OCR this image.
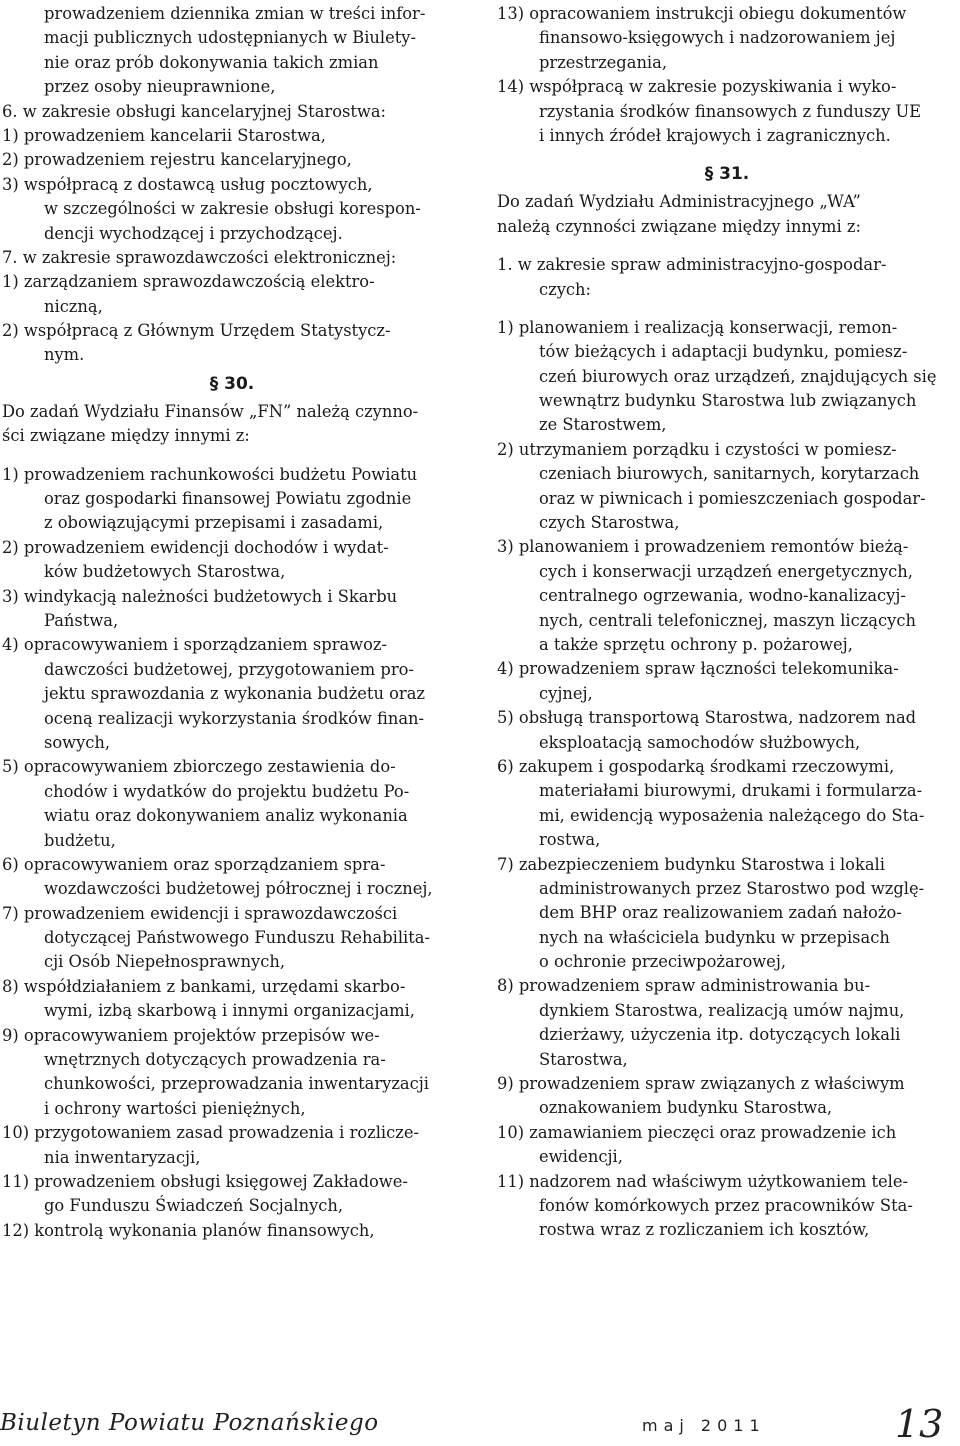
prowadzeniem dziennika zmian w treści infor-
macji publicznych udostępnianych w Biulety-
nie oraz prób dokonywania takich zmian
przez osoby nieuprawnione,
6. w zakresie obsługi kancelaryjnej Starostwa:
1) prowadzeniem kancelarii Starostwa,
2) prowadzeniem rejestru kancelaryjnego,
3) współpracą z dostawcą usług pocztowych,
w szczególności w zakresie obsługi korespon-
dencji wychodzącej i przychodzącej.
7. w zakresie sprawozdawczości elektronicznej:
1) zarządzaniem sprawozdawczością elektro-
niczną,
2) współpracą z Głównym Urzędem Statystycz-
nym.
§ 30.
Do zadań Wydziału Finansów „FN” należą czynno-
ści związane między innymi z:
1) prowadzeniem rachunkowości budżetu Powiatu
oraz gospodarki finansowej Powiatu zgodnie
z obowiązującymi przepisami i zasadami,
2) prowadzeniem ewidencji dochodów i wydat-
ków budżetowych Starostwa,
3) windykacją należności budżetowych i Skarbu
Państwa,
4) opracowywaniem i sporządzaniem sprawoz-
dawczości budżetowej, przygotowaniem pro-
jektu sprawozdania z wykonania budżetu oraz
oceną realizacji wykorzystania środków finan-
sowych,
5) opracowywaniem zbiorczego zestawienia do-
chodów i wydatków do projektu budżetu Po-
wiatu oraz dokonywaniem analiz wykonania
budżetu,
6) opracowywaniem oraz sporządzaniem spra-
wozdawczości budżetowej półrocznej i rocznej,
7) prowadzeniem ewidencji i sprawozdawczości
dotyczącej Państwowego Funduszu Rehabilita-
cji Osób Niepełnosprawnych,
8) współdziałaniem z bankami, urzędami skarbo-
wymi, izbą skarbową i innymi organizacjami,
9) opracowywaniem projektów przepisów we-
wnętrznych dotyczących prowadzenia ra-
chunkowości, przeprowadzania inwentaryzacji
i ochrony wartości pieniężnych,
10) przygotowaniem zasad prowadzenia i rozlicze-
nia inwentaryzacji,
11) prowadzeniem obsługi księgowej Zakładowe-
go Funduszu Świadczeń Socjalnych,
12) kontrolą wykonania planów finansowych,
13) opracowaniem instrukcji obiegu dokumentów
finansowo-księgowych i nadzorowaniem jej
przestrzegania,
14) współpracą w zakresie pozyskiwania i wyko-
rzystania środków finansowych z funduszy UE
i innych źródeł krajowych i zagranicznych.
§ 31.
Do zadań Wydziału Administracyjnego „WA”
należą czynności związane między innymi z:
1. w zakresie spraw administracyjno-gospodar-
czych:
1) planowaniem i realizacją konserwacji, remon-
tów bieżących i adaptacji budynku, pomiesz-
czeń biurowych oraz urządzeń, znajdujących się
wewnątrz budynku Starostwa lub związanych
ze Starostwem,
2) utrzymaniem porządku i czystości w pomiesz-
czeniach biurowych, sanitarnych, korytarzach
oraz w piwnicach i pomieszczeniach gospodar-
czych Starostwa,
3) planowaniem i prowadzeniem remontów bieżą-
cych i konserwacji urządzeń energetycznych,
centralnego ogrzewania, wodno-kanalizacyj-
nych, centrali telefonicznej, maszyn liczących
a także sprzętu ochrony p. pożarowej,
4) prowadzeniem spraw łączności telekomunika-
cyjnej,
5) obsługą transportową Starostwa, nadzorem nad
eksploatacją samochodów służbowych,
6) zakupem i gospodarką środkami rzeczowymi,
materiałami biurowymi, drukami i formularza-
mi, ewidencją wyposażenia należącego do Sta-
rostwa,
7) zabezpieczeniem budynku Starostwa i lokali
administrowanych przez Starostwo pod wzglę-
dem BHP oraz realizowaniem zadań nałożo-
nych na właściciela budynku w przepisach
o ochronie przeciwpożarowej,
8) prowadzeniem spraw administrowania bu-
dynkiem Starostwa, realizacją umów najmu,
dzierżawy, użyczenia itp. dotyczących lokali
Starostwa,
9) prowadzeniem spraw związanych z właściwym
oznakowaniem budynku Starostwa,
10) zamawianiem pieczęci oraz prowadzenie ich
ewidencji,
11) nadzorem nad właściwym użytkowaniem tele-
fonów komórkowych przez pracowników Sta-
rostwa wraz z rozliczaniem ich kosztów,
Biuletyn Powiatu Poznańskiego	maj 2011	13
